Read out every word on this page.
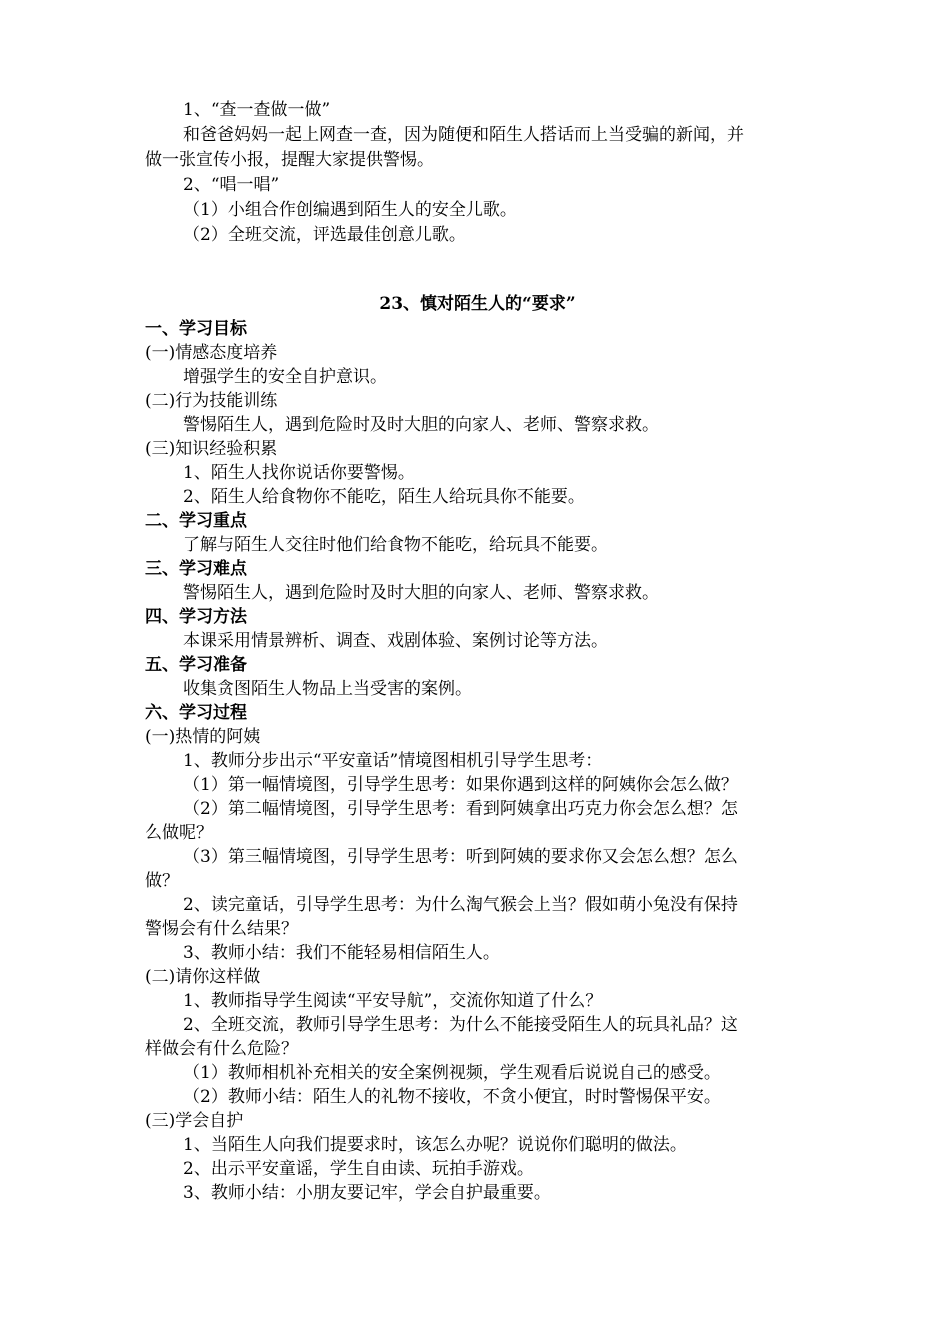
1、“查一查做一做”
和爸爸妈妈一起上网查一查，因为随便和陌生人搭话而上当受骗的新闻，并
做一张宣传小报，提醒大家提供警惕。
2、“唱一唱”
（1）小组合作创编遇到陌生人的安全儿歌。
（2）全班交流，评选最佳创意儿歌。
23、慎对陌生人的“要求”
一、学习目标
(一)情感态度培养
增强学生的安全自护意识。
(二)行为技能训练
警惕陌生人，遇到危险时及时大胆的向家人、老师、警察求救。
(三)知识经验积累
1、陌生人找你说话你要警惕。
2、陌生人给食物你不能吃，陌生人给玩具你不能要。
二、学习重点
了解与陌生人交往时他们给食物不能吃，给玩具不能要。
三、学习难点
警惕陌生人，遇到危险时及时大胆的向家人、老师、警察求救。
四、学习方法
本课采用情景辨析、调查、戏剧体验、案例讨论等方法。
五、学习准备
收集贪图陌生人物品上当受害的案例。
六、学习过程
(一)热情的阿姨
1、教师分步出示“平安童话”情境图相机引导学生思考：
（1）第一幅情境图，引导学生思考：如果你遇到这样的阿姨你会怎么做？
（2）第二幅情境图，引导学生思考：看到阿姨拿出巧克力你会怎么想？怎
么做呢？
（3）第三幅情境图，引导学生思考：听到阿姨的要求你又会怎么想？怎么
做？
2、读完童话，引导学生思考：为什么淘气猴会上当？假如萌小兔没有保持
警惕会有什么结果？
3、教师小结：我们不能轻易相信陌生人。
(二)请你这样做
1、教师指导学生阅读“平安导航”，交流你知道了什么？
2、全班交流，教师引导学生思考：为什么不能接受陌生人的玩具礼品？这
样做会有什么危险？
（1）教师相机补充相关的安全案例视频，学生观看后说说自己的感受。
（2）教师小结：陌生人的礼物不接收，不贪小便宜，时时警惕保平安。
(三)学会自护
1、当陌生人向我们提要求时，该怎么办呢？说说你们聪明的做法。
2、出示平安童谣，学生自由读、玩拍手游戏。
3、教师小结：小朋友要记牢，学会自护最重要。
